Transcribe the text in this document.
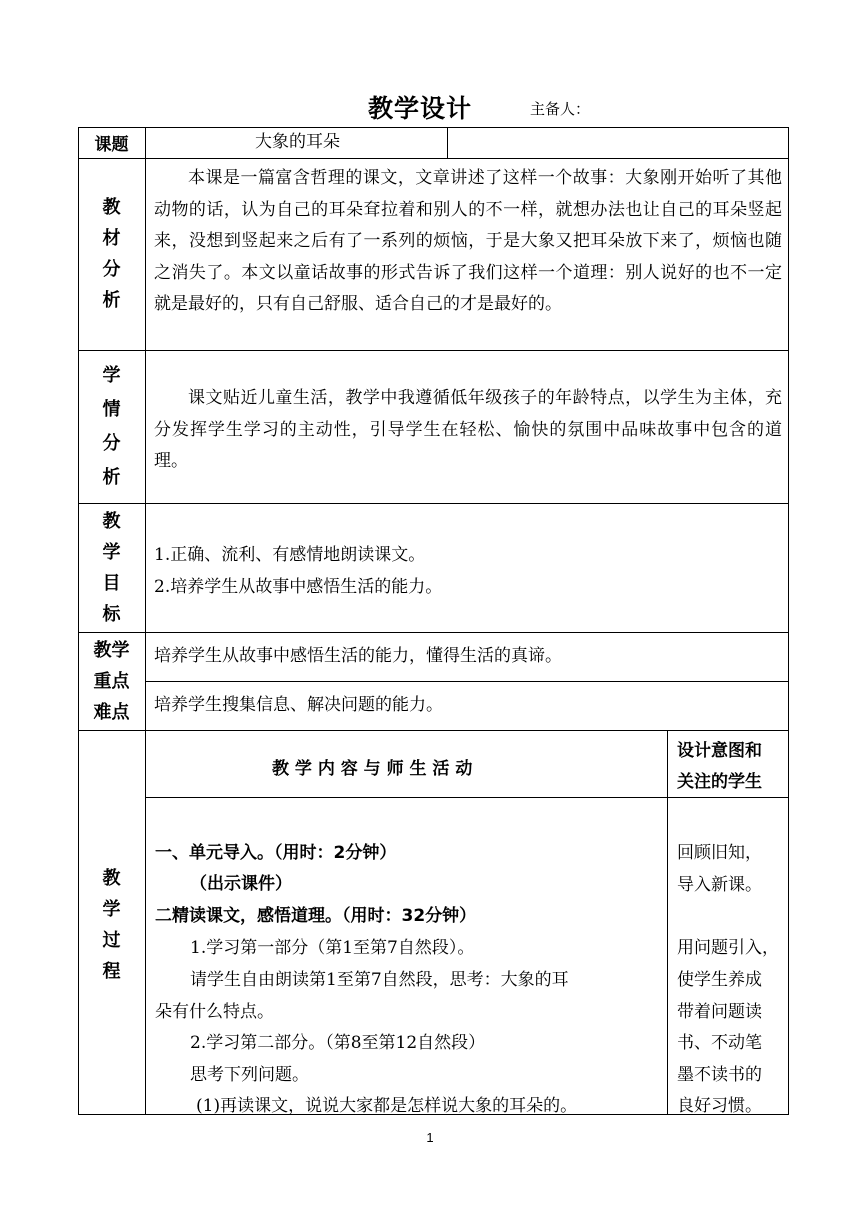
教学设计	主备人：
课题	大象的耳朵
教
材
分
析
本课是一篇富含哲理的课文，文章讲述了这样一个故事：大象刚开始听了其他动物的话，认为自己的耳朵耷拉着和别人的不一样，就想办法也让自己的耳朵竖起来，没想到竖起来之后有了一系列的烦恼，于是大象又把耳朵放下来了，烦恼也随之消失了。本文以童话故事的形式告诉了我们这样一个道理：别人说好的也不一定就是最好的，只有自己舒服、适合自己的才是最好的。
学
情
分
析
课文贴近儿童生活，教学中我遵循低年级孩子的年龄特点，以学生为主体，充分发挥学生学习的主动性，引导学生在轻松、愉快的氛围中品味故事中包含的道理。
教
学
目
标
1.正确、流利、有感情地朗读课文。
2.培养学生从故事中感悟生活的能力。
教学
重点
难点
培养学生从故事中感悟生活的能力，懂得生活的真谛。
培养学生搜集信息、解决问题的能力。
教
学
过
程
教 学 内 容 与 师 生 活 动
设计意图和
关注的学生
一、单元导入。（用时：2分钟）
（出示课件）
二精读课文，感悟道理。（用时：32分钟）
1.学习第一部分（第1至第7自然段）。
请学生自由朗读第1至第7自然段，思考：大象的耳
朵有什么特点。
2.学习第二部分。（第8至第12自然段）
思考下列问题。
(1)再读课文，说说大家都是怎样说大象的耳朵的。
回顾旧知，
导入新课。
用问题引入，
使学生养成
带着问题读
书、不动笔
墨不读书的
良好习惯。
1
